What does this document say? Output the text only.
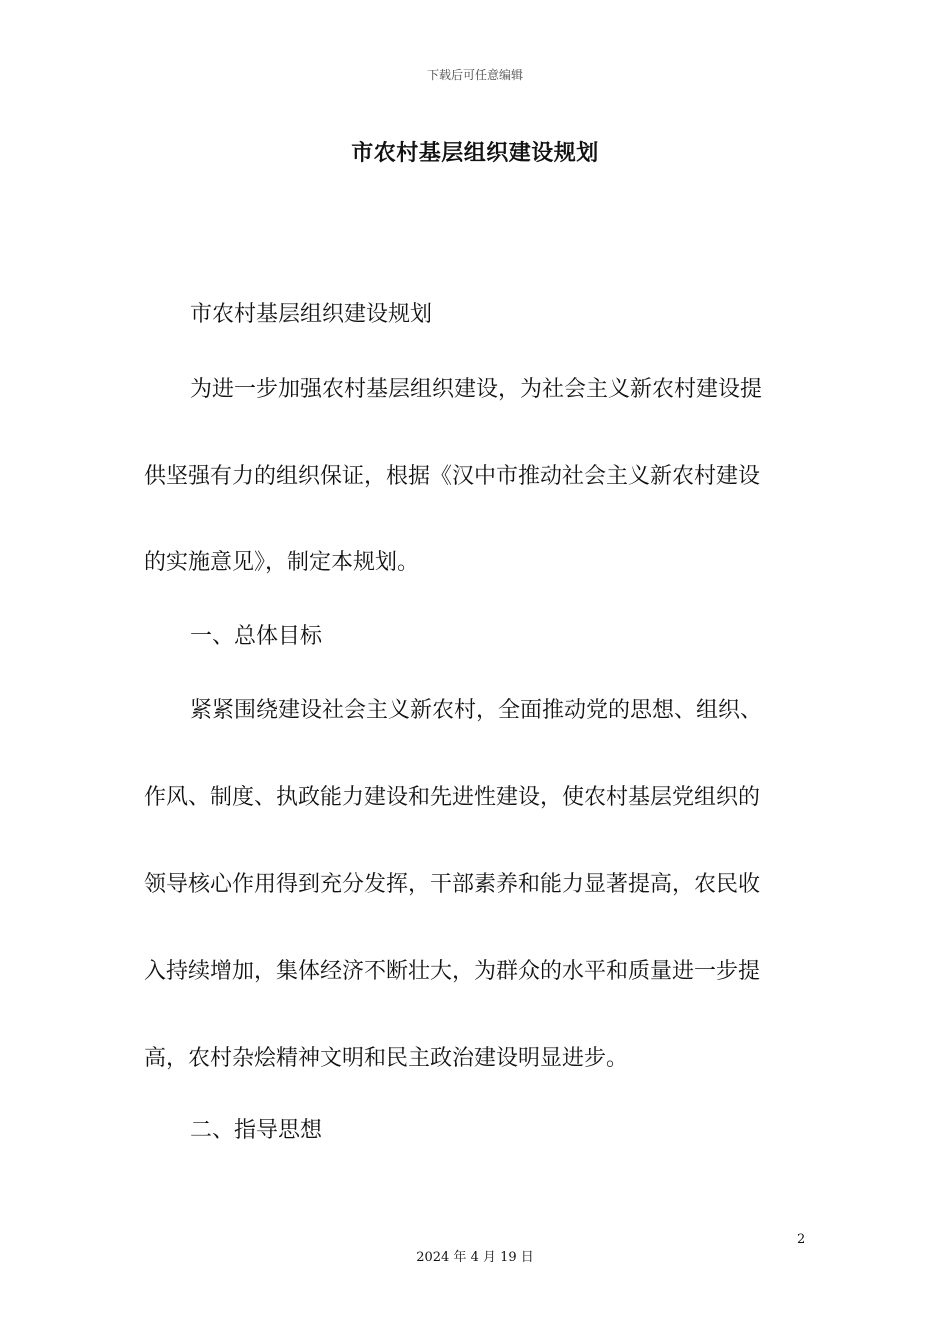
下载后可任意编辑
市农村基层组织建设规划

市农村基层组织建设规划

为进一步加强农村基层组织建设，为社会主义新农村建设提

供坚强有力的组织保证，根据《汉中市推动社会主义新农村建设

的实施意见》，制定本规划。

一、总体目标

紧紧围绕建设社会主义新农村，全面推动党的思想、组织、

作风、制度、执政能力建设和先进性建设，使农村基层党组织的

领导核心作用得到充分发挥，干部素养和能力显著提高，农民收

入持续增加，集体经济不断壮大，为群众的水平和质量进一步提

高，农村杂烩精神文明和民主政治建设明显进步。

二、指导思想

2
2024 年 4 月 19 日
